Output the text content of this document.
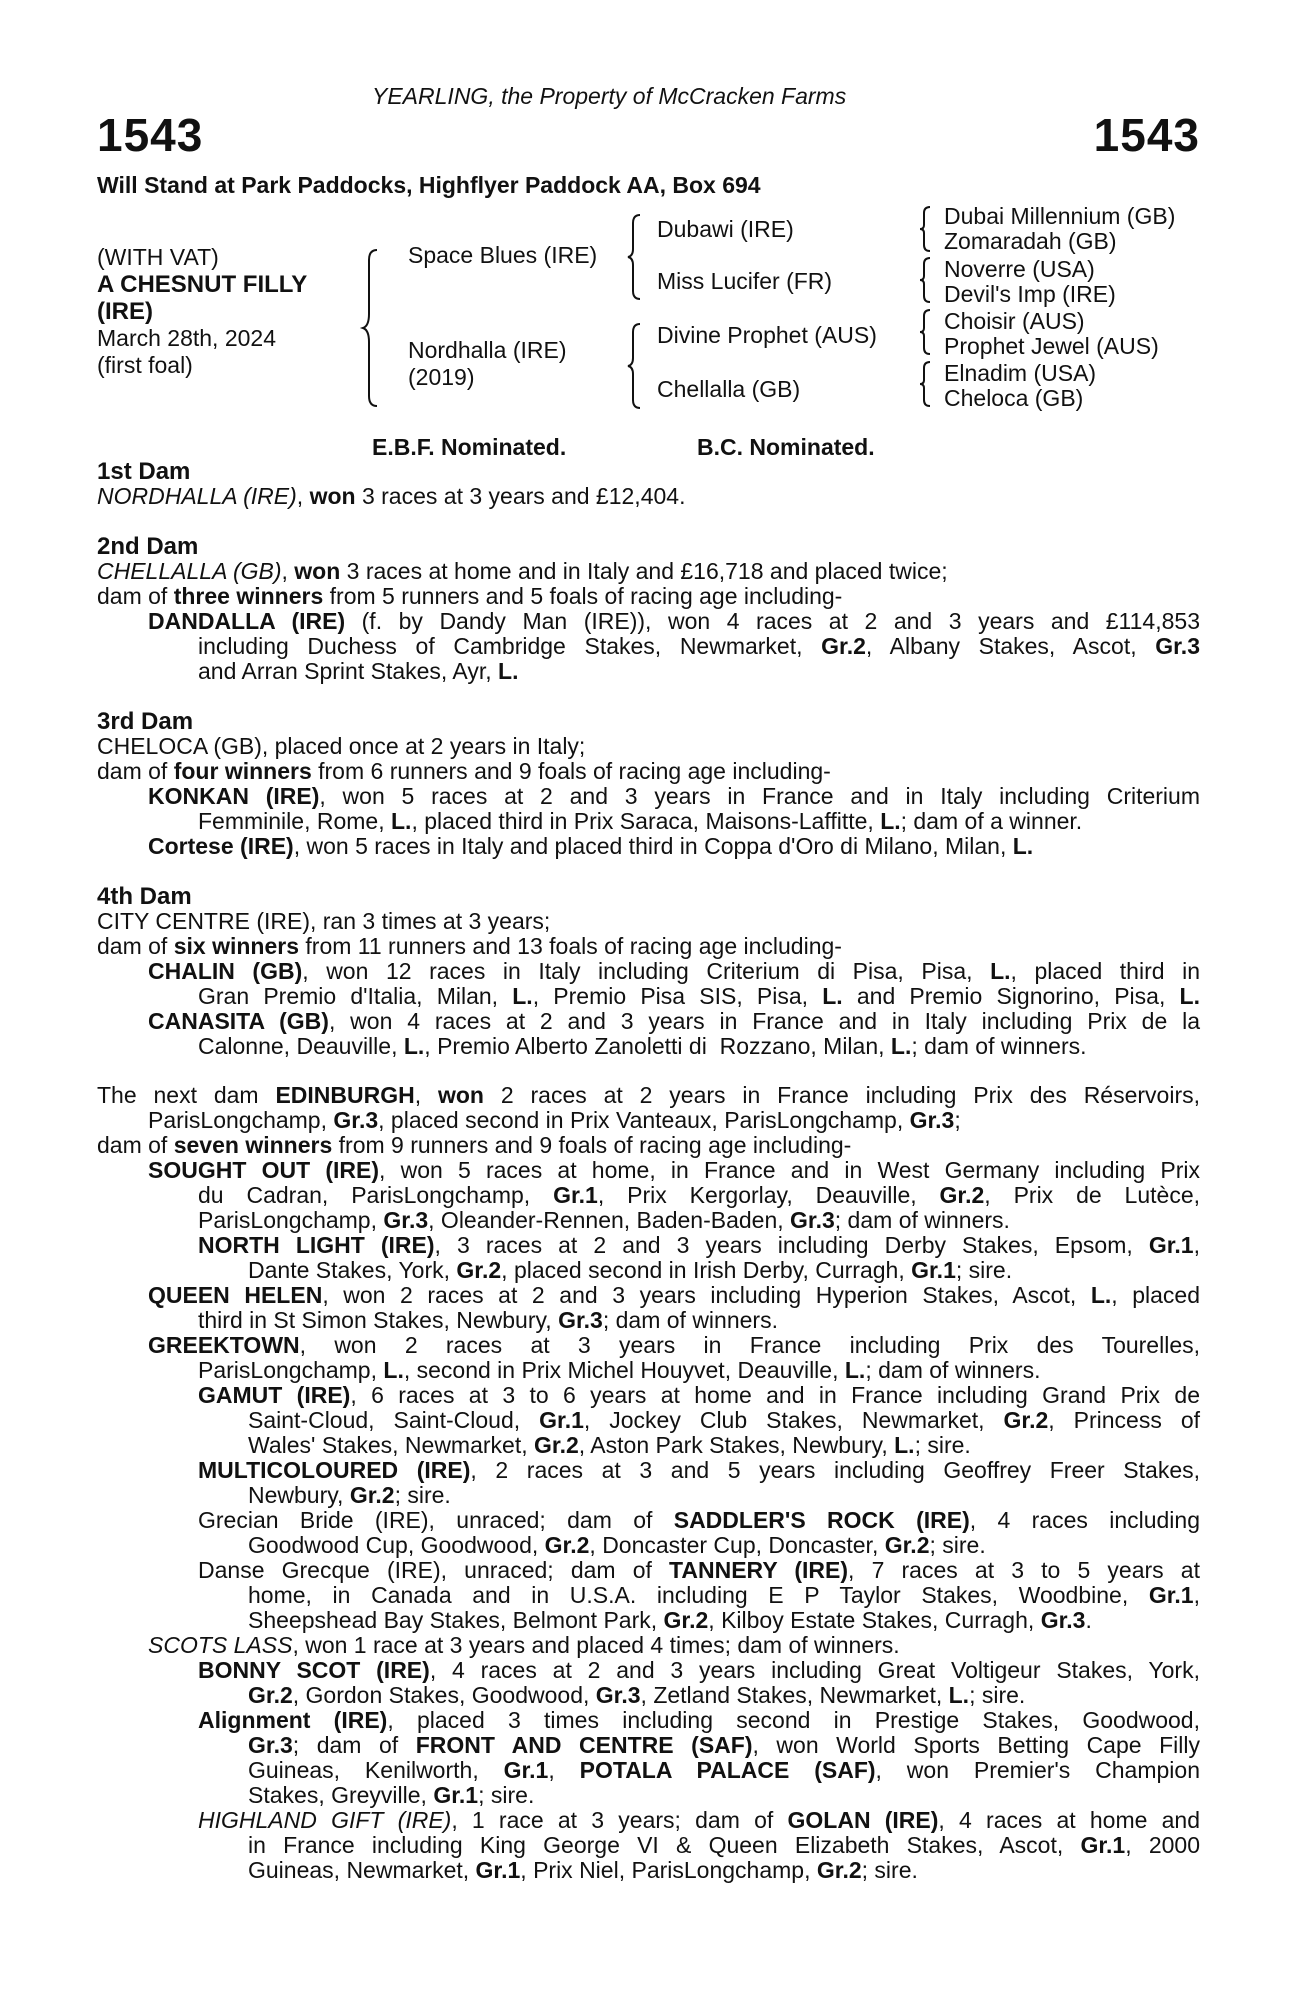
YEARLING, the Property of McCracken Farms
1543	1543
Will Stand at Park Paddocks, Highflyer Paddock AA, Box 694
(WITH VAT)
A CHESNUT FILLY
(IRE)
March 28th, 2024
(first foal)
Space Blues (IRE)
Nordhalla (IRE)
(2019)
Dubawi (IRE)
Miss Lucifer (FR)
Divine Prophet (AUS)
Chellalla (GB)
Dubai Millennium (GB)
Zomaradah (GB)
Noverre (USA)
Devil's Imp (IRE)
Choisir (AUS)
Prophet Jewel (AUS)
Elnadim (USA)
Cheloca (GB)
E.B.F. Nominated.	B.C. Nominated.
1st Dam
NORDHALLA (IRE), won 3 races at 3 years and £12,404.
2nd Dam
CHELLALLA (GB), won 3 races at home and in Italy and £16,718 and placed twice;
dam of three winners from 5 runners and 5 foals of racing age including-
DANDALLA (IRE) (f. by Dandy Man (IRE)), won 4 races at 2 and 3 years and £114,853
including Duchess of Cambridge Stakes, Newmarket, Gr.2, Albany Stakes, Ascot, Gr.3
and Arran Sprint Stakes, Ayr, L.
3rd Dam
CHELOCA (GB), placed once at 2 years in Italy;
dam of four winners from 6 runners and 9 foals of racing age including-
KONKAN (IRE), won 5 races at 2 and 3 years in France and in Italy including Criterium
Femminile, Rome, L., placed third in Prix Saraca, Maisons-Laffitte, L.; dam of a winner.
Cortese (IRE), won 5 races in Italy and placed third in Coppa d'Oro di Milano, Milan, L.
4th Dam
CITY CENTRE (IRE), ran 3 times at 3 years;
dam of six winners from 11 runners and 13 foals of racing age including-
CHALIN (GB), won 12 races in Italy including Criterium di Pisa, Pisa, L., placed third in
Gran Premio d'Italia, Milan, L., Premio Pisa SIS, Pisa, L. and Premio Signorino, Pisa, L.
CANASITA (GB), won 4 races at 2 and 3 years in France and in Italy including Prix de la
Calonne, Deauville, L., Premio Alberto Zanoletti di  Rozzano, Milan, L.; dam of winners.
The next dam EDINBURGH, won 2 races at 2 years in France including Prix des Réservoirs,
ParisLongchamp, Gr.3, placed second in Prix Vanteaux, ParisLongchamp, Gr.3;
dam of seven winners from 9 runners and 9 foals of racing age including-
SOUGHT OUT (IRE), won 5 races at home, in France and in West Germany including Prix
du Cadran, ParisLongchamp, Gr.1, Prix Kergorlay, Deauville, Gr.2, Prix de Lutèce,
ParisLongchamp, Gr.3, Oleander-Rennen, Baden-Baden, Gr.3; dam of winners.
NORTH LIGHT (IRE), 3 races at 2 and 3 years including Derby Stakes, Epsom, Gr.1,
Dante Stakes, York, Gr.2, placed second in Irish Derby, Curragh, Gr.1; sire.
QUEEN HELEN, won 2 races at 2 and 3 years including Hyperion Stakes, Ascot, L., placed
third in St Simon Stakes, Newbury, Gr.3; dam of winners.
GREEKTOWN, won 2 races at 3 years in France including Prix des Tourelles,
ParisLongchamp, L., second in Prix Michel Houyvet, Deauville, L.; dam of winners.
GAMUT (IRE), 6 races at 3 to 6 years at home and in France including Grand Prix de
Saint-Cloud, Saint-Cloud, Gr.1, Jockey Club Stakes, Newmarket, Gr.2, Princess of
Wales' Stakes, Newmarket, Gr.2, Aston Park Stakes, Newbury, L.; sire.
MULTICOLOURED (IRE), 2 races at 3 and 5 years including Geoffrey Freer Stakes,
Newbury, Gr.2; sire.
Grecian Bride (IRE), unraced; dam of SADDLER'S ROCK (IRE), 4 races including
Goodwood Cup, Goodwood, Gr.2, Doncaster Cup, Doncaster, Gr.2; sire.
Danse Grecque (IRE), unraced; dam of TANNERY (IRE), 7 races at 3 to 5 years at
home, in Canada and in U.S.A. including E P Taylor Stakes, Woodbine, Gr.1,
Sheepshead Bay Stakes, Belmont Park, Gr.2, Kilboy Estate Stakes, Curragh, Gr.3.
SCOTS LASS, won 1 race at 3 years and placed 4 times; dam of winners.
BONNY SCOT (IRE), 4 races at 2 and 3 years including Great Voltigeur Stakes, York,
Gr.2, Gordon Stakes, Goodwood, Gr.3, Zetland Stakes, Newmarket, L.; sire.
Alignment (IRE), placed 3 times including second in Prestige Stakes, Goodwood,
Gr.3; dam of FRONT AND CENTRE (SAF), won World Sports Betting Cape Filly
Guineas, Kenilworth, Gr.1, POTALA PALACE (SAF), won Premier's Champion
Stakes, Greyville, Gr.1; sire.
HIGHLAND GIFT (IRE), 1 race at 3 years; dam of GOLAN (IRE), 4 races at home and
in France including King George VI & Queen Elizabeth Stakes, Ascot, Gr.1, 2000
Guineas, Newmarket, Gr.1, Prix Niel, ParisLongchamp, Gr.2; sire.
